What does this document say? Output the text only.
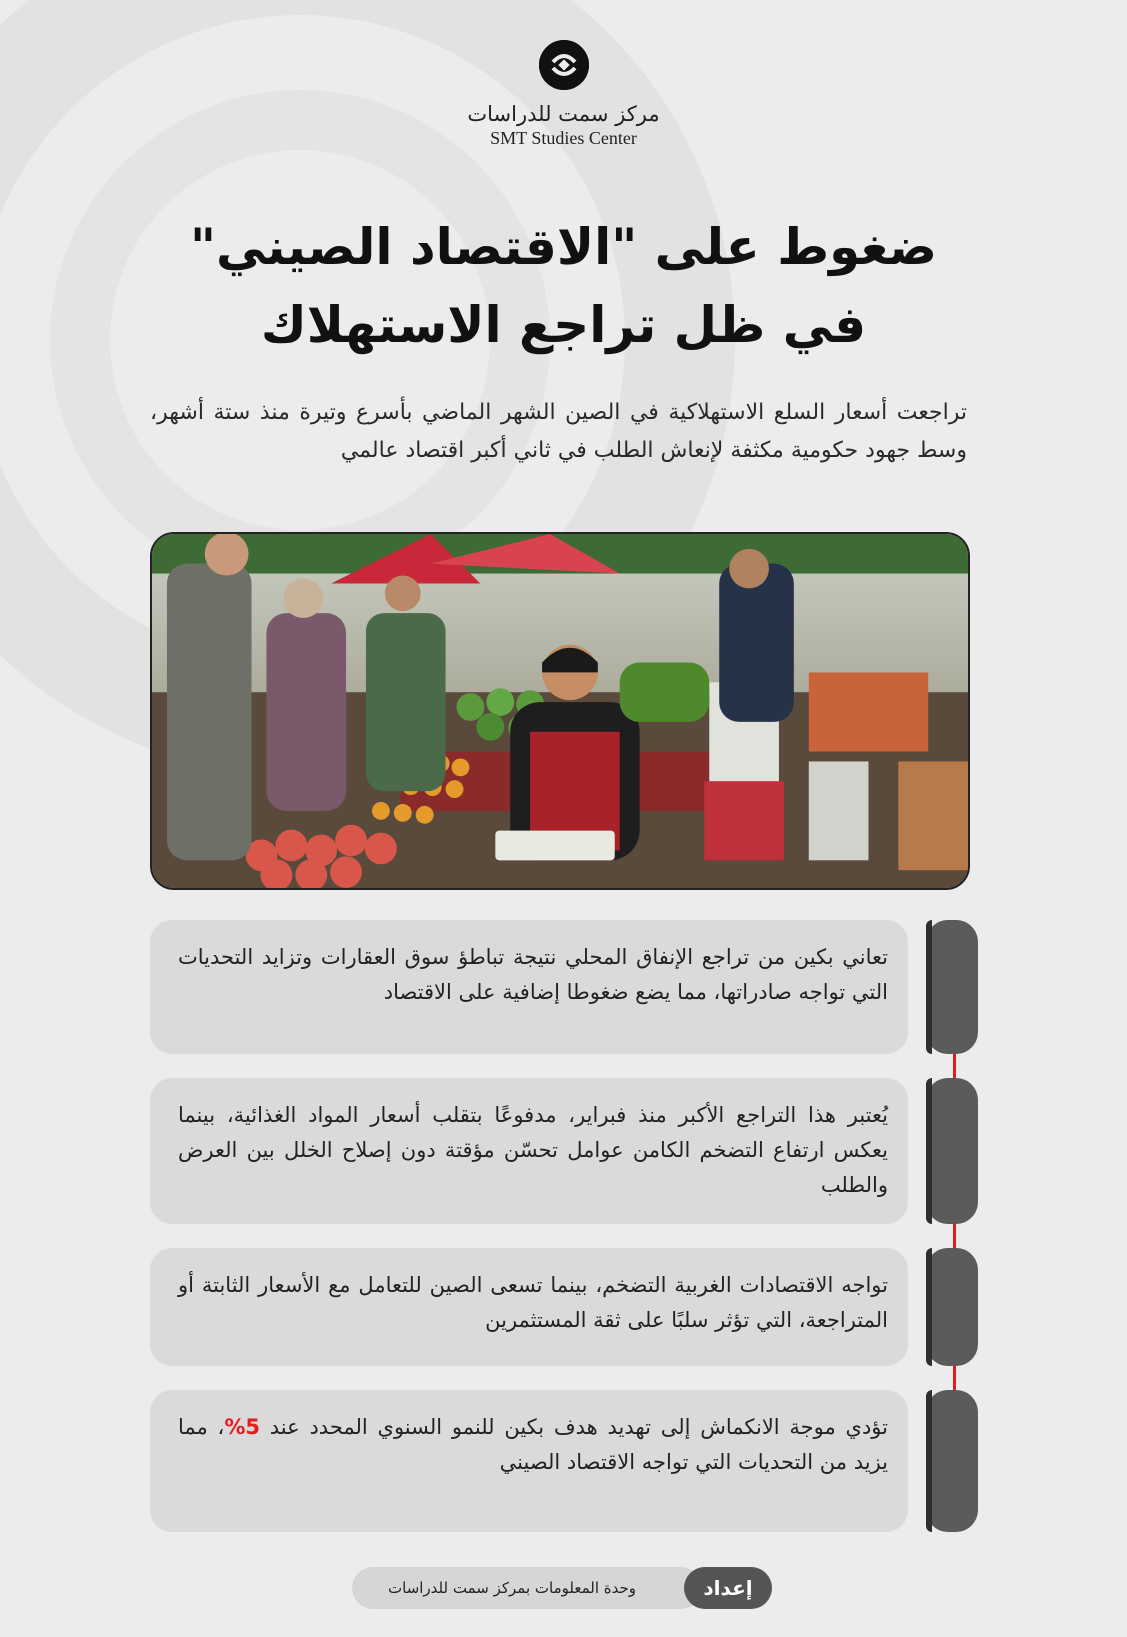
مركز سمت للدراسات
SMT Studies Center
ضغوط على "الاقتصاد الصيني"
في ظل تراجع الاستهلاك
تراجعت أسعار السلع الاستهلاكية في الصين الشهر الماضي بأسرع وتيرة منذ ستة أشهر، وسط جهود حكومية مكثفة لإنعاش الطلب في ثاني أكبر اقتصاد عالمي
تعاني بكين من تراجع الإنفاق المحلي نتيجة تباطؤ سوق العقارات وتزايد التحديات التي تواجه صادراتها، مما يضع ضغوطا إضافية على الاقتصاد
يُعتبر هذا التراجع الأكبر منذ فبراير، مدفوعًا بتقلب أسعار المواد الغذائية، بينما يعكس ارتفاع التضخم الكامن عوامل تحسّن مؤقتة دون إصلاح الخلل بين العرض والطلب
تواجه الاقتصادات الغربية التضخم، بينما تسعى الصين للتعامل مع الأسعار الثابتة أو المتراجعة، التي تؤثر سلبًا على ثقة المستثمرين
تؤدي موجة الانكماش إلى تهديد هدف بكين للنمو السنوي المحدد عند 5%، مما يزيد من التحديات التي تواجه الاقتصاد الصيني
وحدة المعلومات بمركز سمت للدراسات	إعداد
